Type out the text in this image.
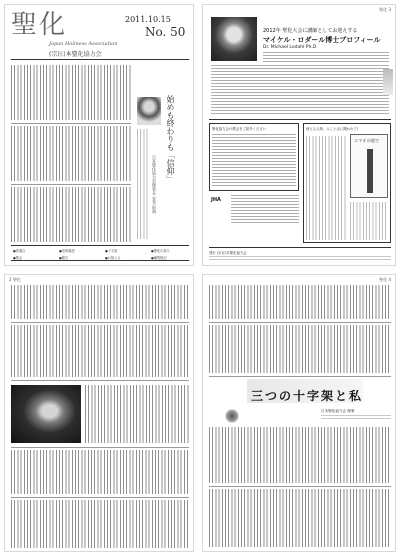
聖化	2011.10.15
No. 50
Japan Holiness Association
(宗)日本聖化協力会
始めも終わりも「信仰」
日本聖化協力会理事長 安食 昭典
●巻頭言	●信仰義認	●十字架	●聖化の恵み
●聖会	●報告	●お知らせ	●編集後記
聖化 3
2012年 聖化大会に講師としてお迎えする
マイケル・ロダール博士プロフィール
Dr. Michael Lodahl Ph.D
聖化協力会の教会をご紹介ください	使える人物、みことばに聞かれて!
エマオの道で
JHA
発行 (宗)日本聖化協力会
2 聖化	聖化 4
三つの十字架と私
日本聖化協力会 理事
